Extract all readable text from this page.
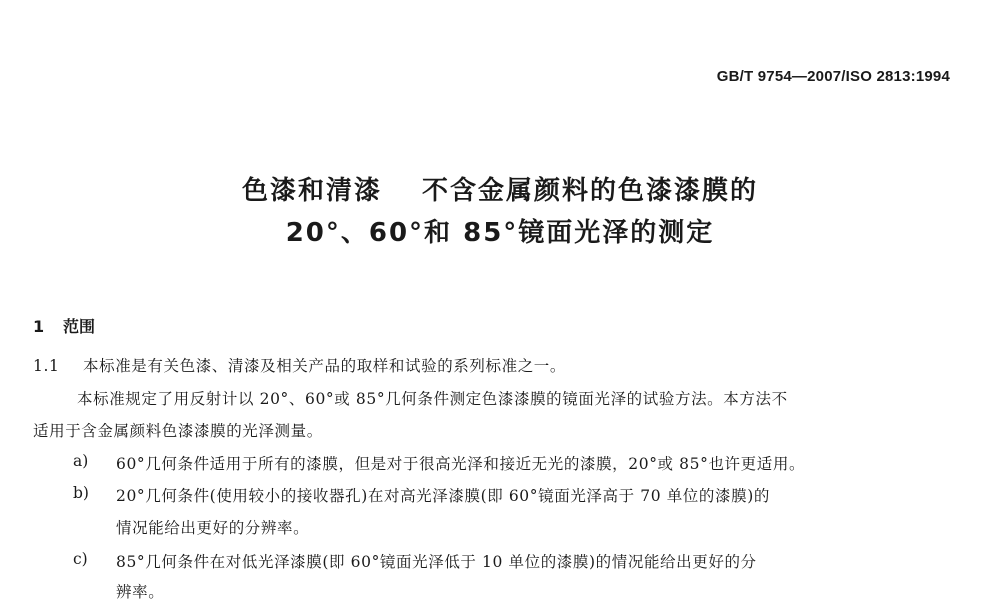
GB/T 9754—2007/ISO 2813:1994
色漆和清漆 不含金属颜料的色漆漆膜的
20°、60°和 85°镜面光泽的测定
1 范围
1.1 本标准是有关色漆、清漆及相关产品的取样和试验的系列标准之一。
本标准规定了用反射计以 20°、60°或 85°几何条件测定色漆漆膜的镜面光泽的试验方法。本方法不
适用于含金属颜料色漆漆膜的光泽测量。
a) 60°几何条件适用于所有的漆膜，但是对于很高光泽和接近无光的漆膜，20°或 85°也许更适用。
b) 20°几何条件(使用较小的接收器孔)在对高光泽漆膜(即 60°镜面光泽高于 70 单位的漆膜)的
情况能给出更好的分辨率。
c) 85°几何条件在对低光泽漆膜(即 60°镜面光泽低于 10 单位的漆膜)的情况能给出更好的分
辨率。
